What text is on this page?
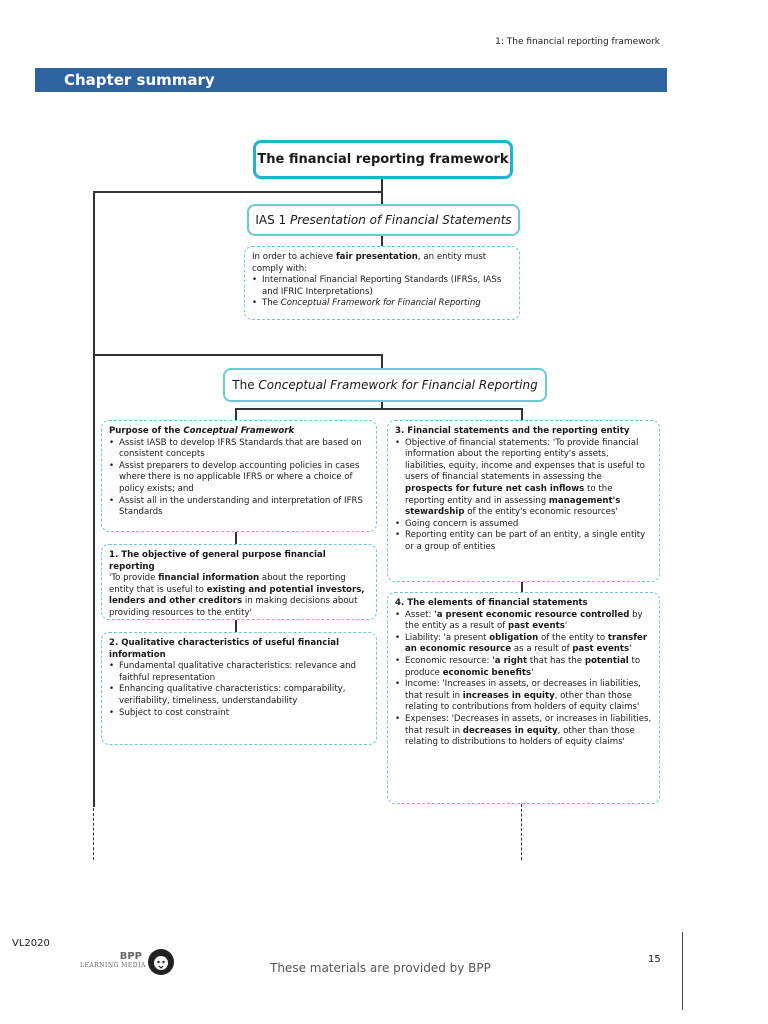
1: The financial reporting framework
Chapter summary
The financial reporting framework
IAS 1 Presentation of Financial Statements
In order to achieve fair presentation, an entity must comply with:
• International Financial Reporting Standards (IFRSs, IASs and IFRIC Interpretations)
• The Conceptual Framework for Financial Reporting
The Conceptual Framework for Financial Reporting
Purpose of the Conceptual Framework
• Assist IASB to develop IFRS Standards that are based on consistent concepts
• Assist preparers to develop accounting policies in cases where there is no applicable IFRS or where a choice of policy exists; and
• Assist all in the understanding and interpretation of IFRS Standards
1. The objective of general purpose financial reporting
'To provide financial information about the reporting entity that is useful to existing and potential investors, lenders and other creditors in making decisions about providing resources to the entity'
2. Qualitative characteristics of useful financial information
• Fundamental qualitative characteristics: relevance and faithful representation
• Enhancing qualitative characteristics: comparability, verifiability, timeliness, understandability
• Subject to cost constraint
3. Financial statements and the reporting entity
• Objective of financial statements: 'To provide financial information about the reporting entity's assets, liabilities, equity, income and expenses that is useful to users of financial statements in assessing the prospects for future net cash inflows to the reporting entity and in assessing management's stewardship of the entity's economic resources'
• Going concern is assumed
• Reporting entity can be part of an entity, a single entity or a group of entities
4. The elements of financial statements
• Asset: 'a present economic resource controlled by the entity as a result of past events'
• Liability: 'a present obligation of the entity to transfer an economic resource as a result of past events'
• Economic resource: 'a right that has the potential to produce economic benefits'
• Income: 'Increases in assets, or decreases in liabilities, that result in increases in equity, other than those relating to contributions from holders of equity claims'
• Expenses: 'Decreases in assets, or increases in liabilities, that result in decreases in equity, other than those relating to distributions to holders of equity claims'
VL2020
BPP
LEARNING MEDIA	These materials are provided by BPP
15
